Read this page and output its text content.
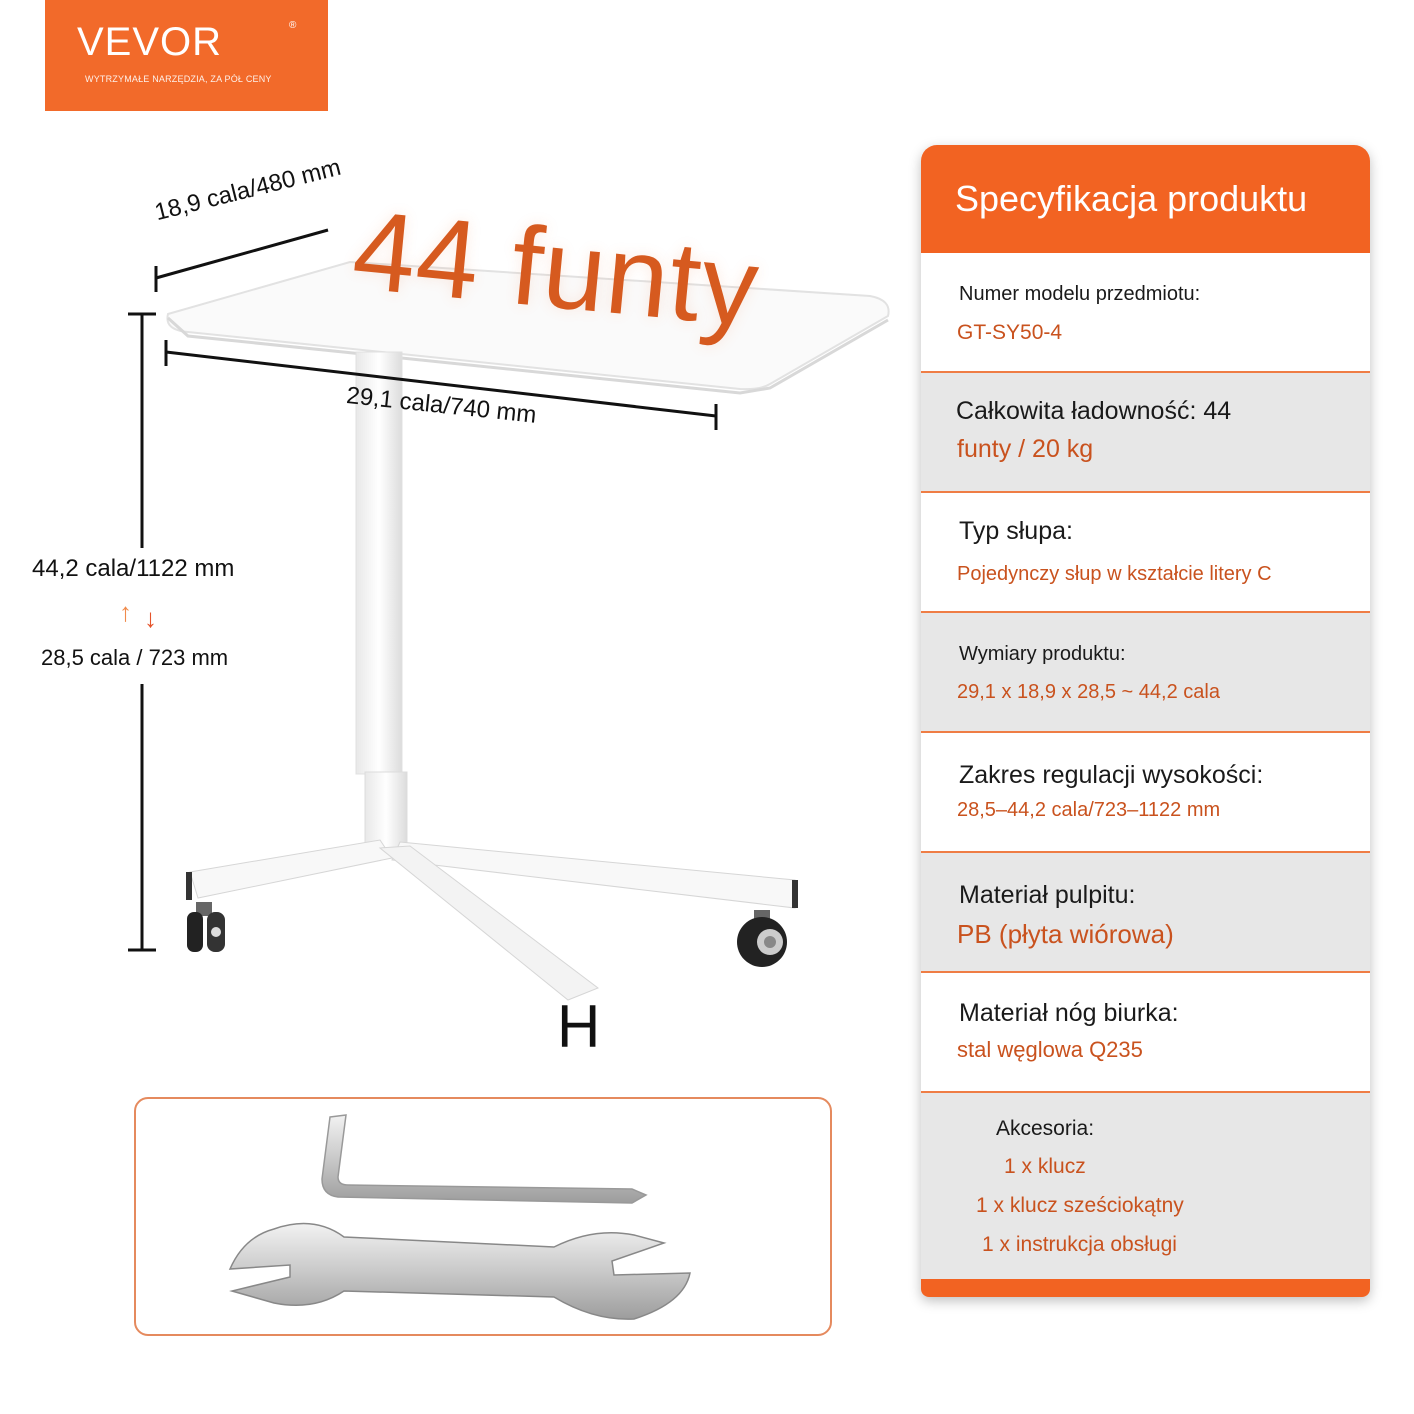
VEVOR	®
WYTRZYMAŁE NARZĘDZIA, ZA PÓŁ CENY
44 funty
18,9 cala/480 mm
29,1 cala/740 mm
44,2 cala/1122 mm
↑ ↓
28,5 cala / 723 mm
H
Specyfikacja produktu
Numer modelu przedmiotu:
GT-SY50-4
Całkowita ładowność: 44
funty / 20 kg
Typ słupa:
Pojedynczy słup w kształcie litery C
Wymiary produktu:
29,1 x 18,9 x 28,5 ~ 44,2 cala
Zakres regulacji wysokości:
28,5–44,2 cala/723–1122 mm
Materiał pulpitu:
PB (płyta wiórowa)
Materiał nóg biurka:
stal węglowa Q235
Akcesoria:
1 x klucz
1 x klucz sześciokątny
1 x instrukcja obsługi
